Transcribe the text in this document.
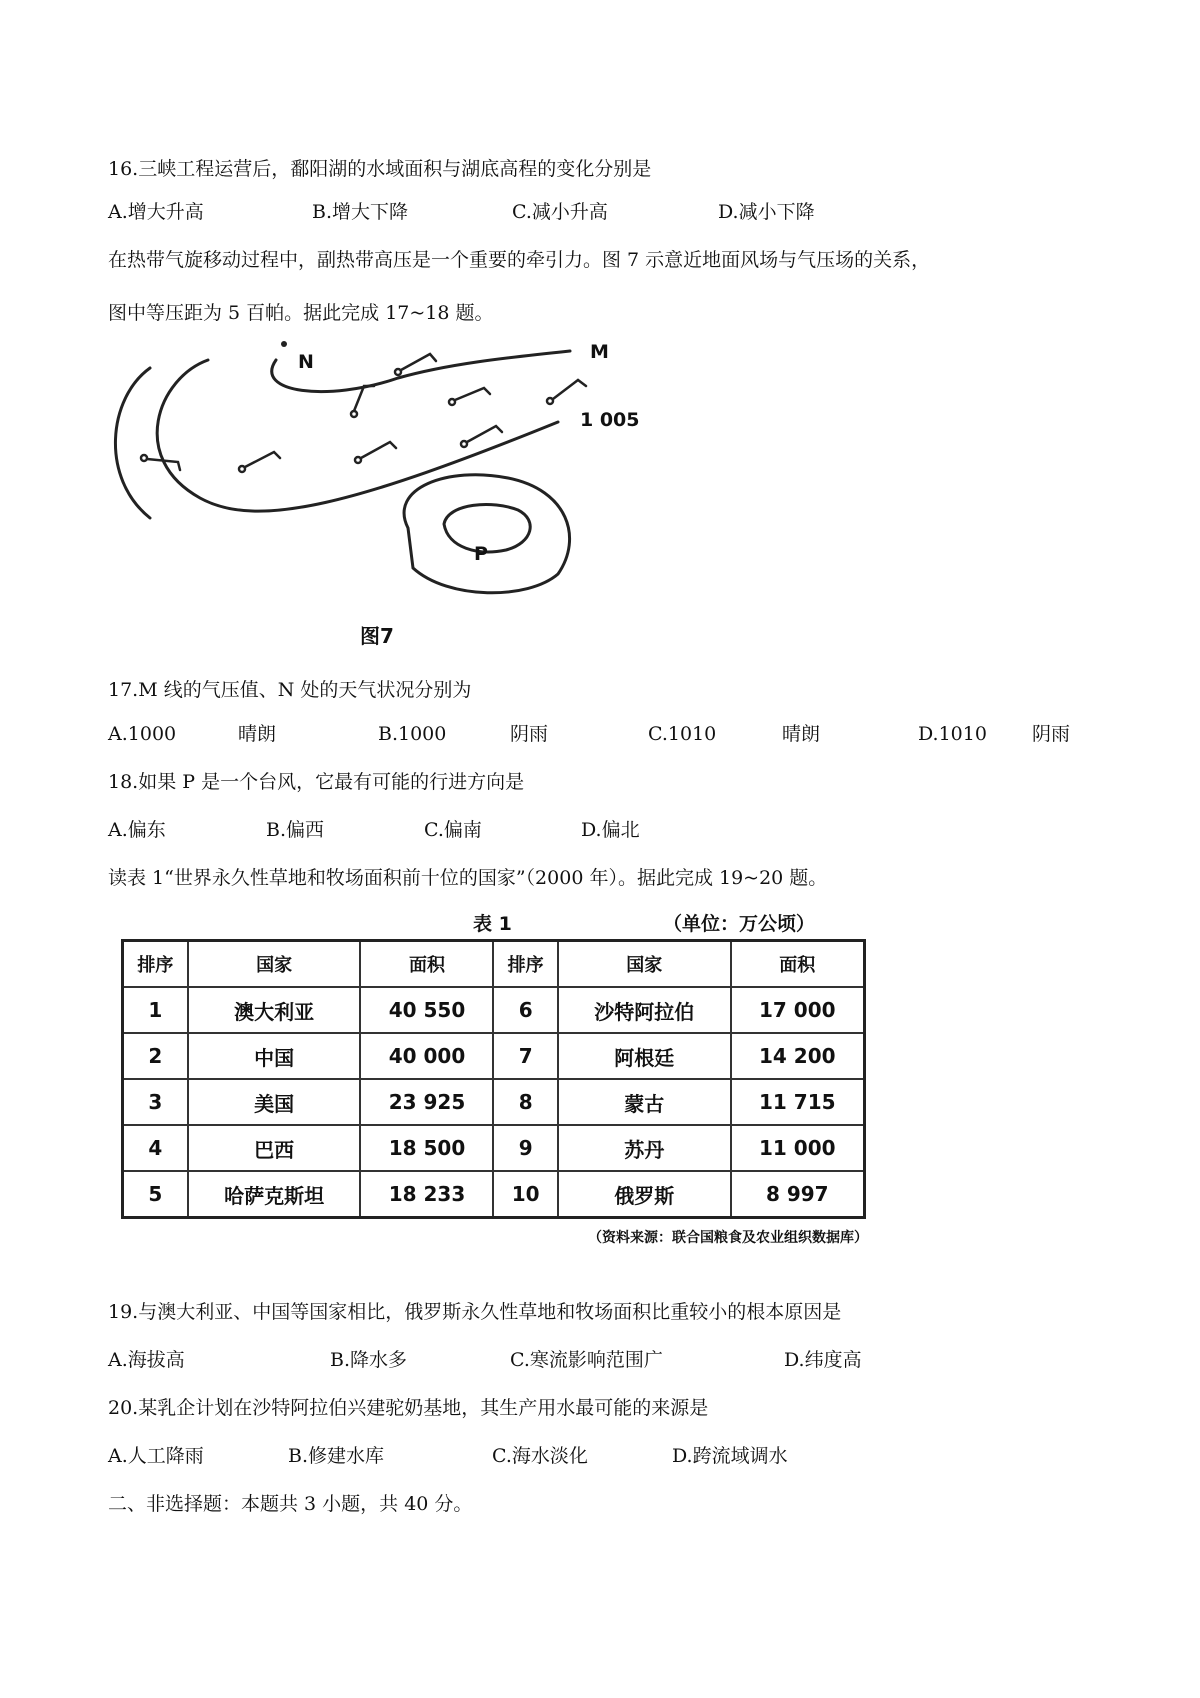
16.三峡工程运营后，鄱阳湖的水域面积与湖底高程的变化分别是
A.增大升高	B.增大下降	C.减小升高	D.减小下降
在热带气旋移动过程中，副热带高压是一个重要的牵引力。图 7 示意近地面风场与气压场的关系，
图中等压距为 5 百帕。据此完成 17~18 题。
N	M
1 005
P
图7
17.M 线的气压值、N 处的天气状况分别为
A.1000	晴朗	B.1000	阴雨	C.1010	晴朗	D.1010 阴雨
18.如果 P 是一个台风，它最有可能的行进方向是
A.偏东	B.偏西	C.偏南	D.偏北
读表 1“世界永久性草地和牧场面积前十位的国家”（2000 年）。据此完成 19~20 题。
表 1	（单位：万公顷）
排序	国家	面积	排序	国家	面积
1	澳大利亚	40 550	6	沙特阿拉伯	17 000
2	中国	40 000	7	阿根廷	14 200
3	美国	23 925	8	蒙古	11 715
4	巴西	18 500	9	苏丹	11 000
5	哈萨克斯坦	18 233	10	俄罗斯	8 997
（资料来源：联合国粮食及农业组织数据库）
19.与澳大利亚、中国等国家相比，俄罗斯永久性草地和牧场面积比重较小的根本原因是
A.海拔高	B.降水多	C.寒流影响范围广	D.纬度高
20.某乳企计划在沙特阿拉伯兴建驼奶基地，其生产用水最可能的来源是
A.人工降雨	B.修建水库	C.海水淡化	D.跨流域调水
二、非选择题：本题共 3 小题，共 40 分。
